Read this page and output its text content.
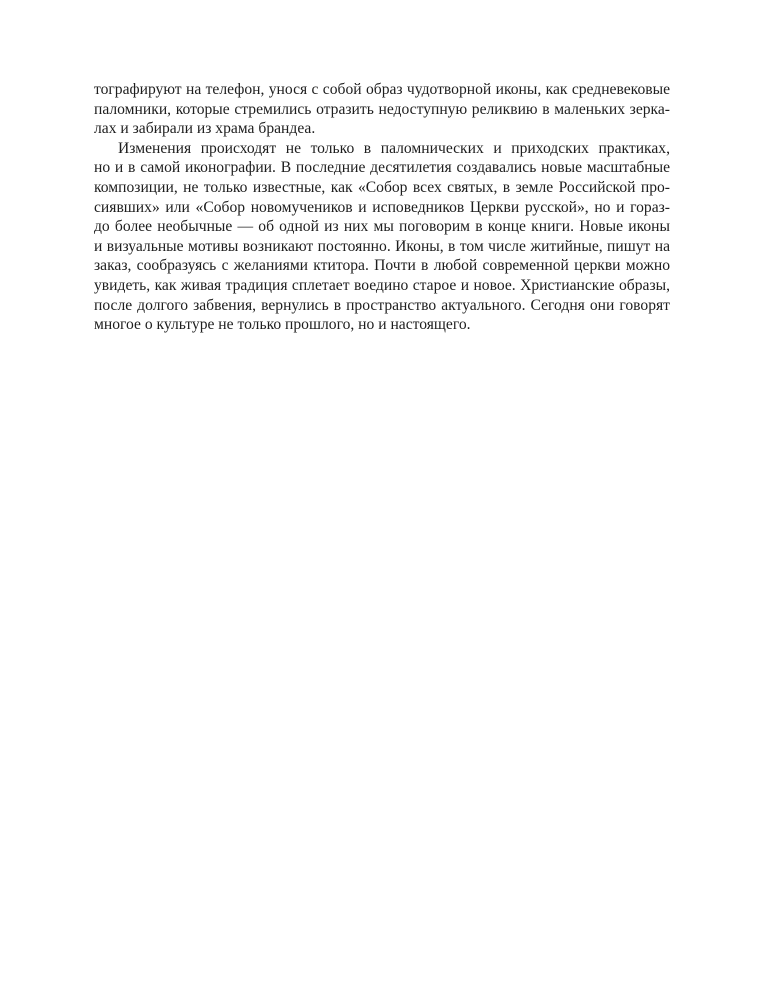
тографируют на телефон, унося с собой образ чудотворной иконы, как средневековые
паломники, которые стремились отразить недоступную реликвию в маленьких зерка-
лах и забирали из храма брандеа.
Изменения происходят не только в паломнических и приходских практиках,
но и в самой иконографии. В последние десятилетия создавались новые масштабные
композиции, не только известные, как «Собор всех святых, в земле Российской про-
сиявших» или «Собор новомучеников и исповедников Церкви русской», но и гораз-
до более необычные — об одной из них мы поговорим в конце книги. Новые иконы
и визуальные мотивы возникают постоянно. Иконы, в том числе житийные, пишут на
заказ, сообразуясь с желаниями ктитора. Почти в любой современной церкви можно
увидеть, как живая традиция сплетает воедино старое и новое. Христианские образы,
после долгого забвения, вернулись в пространство актуального. Сегодня они говорят
многое о культуре не только прошлого, но и настоящего.
